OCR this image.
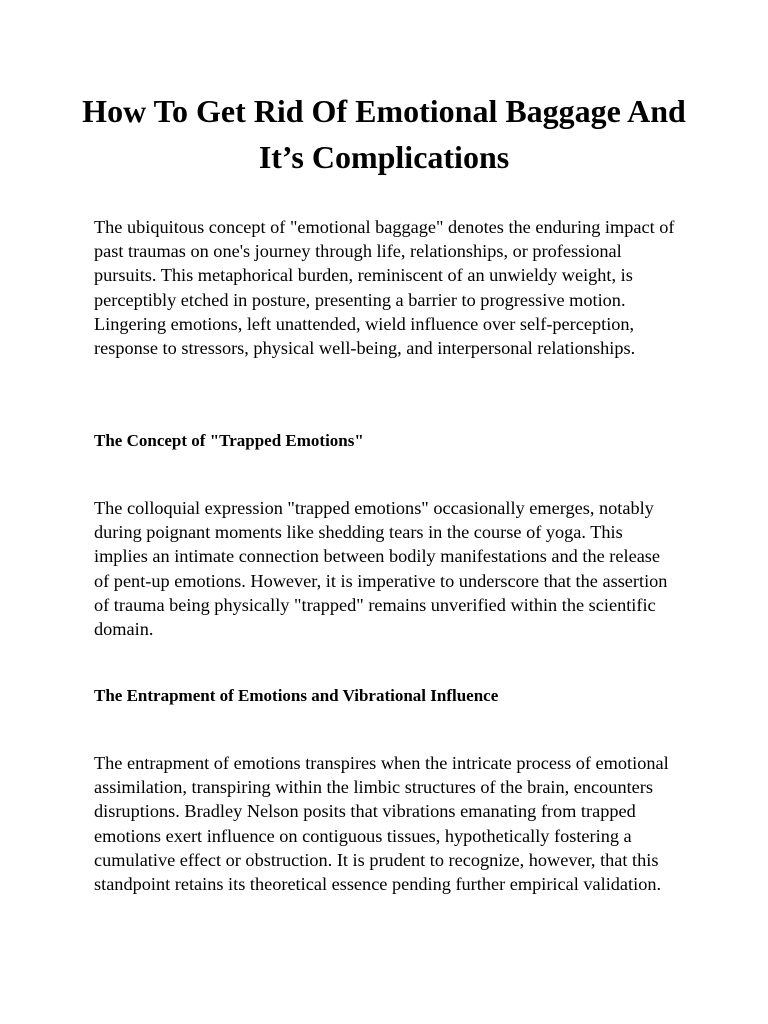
How To Get Rid Of Emotional Baggage And It’s Complications

The ubiquitous concept of "emotional baggage" denotes the enduring impact of past traumas on one's journey through life, relationships, or professional pursuits. This metaphorical burden, reminiscent of an unwieldy weight, is perceptibly etched in posture, presenting a barrier to progressive motion. Lingering emotions, left unattended, wield influence over self-perception, response to stressors, physical well-being, and interpersonal relationships.

The Concept of "Trapped Emotions"

The colloquial expression "trapped emotions" occasionally emerges, notably during poignant moments like shedding tears in the course of yoga. This implies an intimate connection between bodily manifestations and the release of pent-up emotions. However, it is imperative to underscore that the assertion of trauma being physically "trapped" remains unverified within the scientific domain.

The Entrapment of Emotions and Vibrational Influence

The entrapment of emotions transpires when the intricate process of emotional assimilation, transpiring within the limbic structures of the brain, encounters disruptions. Bradley Nelson posits that vibrations emanating from trapped emotions exert influence on contiguous tissues, hypothetically fostering a cumulative effect or obstruction. It is prudent to recognize, however, that this standpoint retains its theoretical essence pending further empirical validation.
